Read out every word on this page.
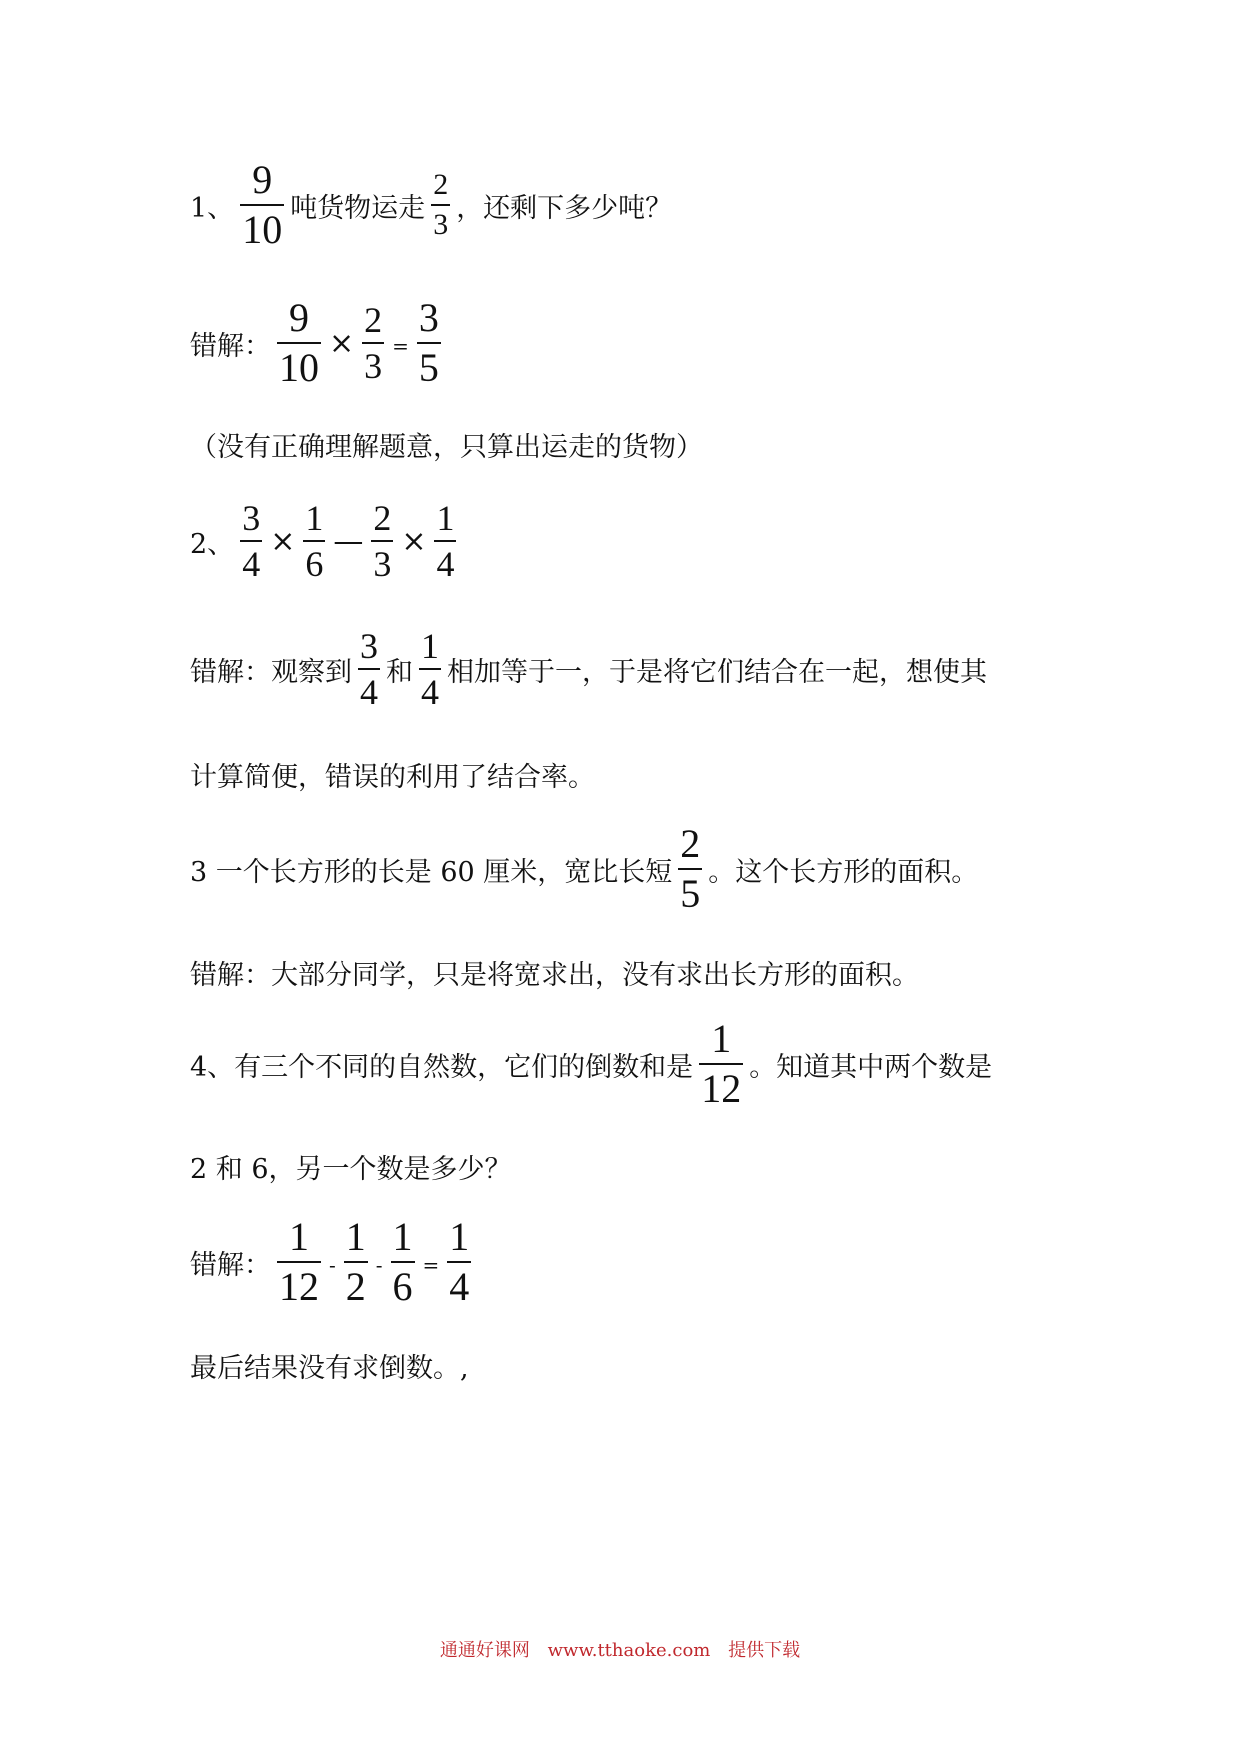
1、 $\frac{9}{10}$ 吨货物运走 $\frac{2}{3}$ ，还剩下多少吨？
错解： $\frac{9}{10} \times \frac{2}{3} = \frac{3}{5}$
（没有正确理解题意，只算出运走的货物）
2、 $\frac{3}{4} \times \frac{1}{6}$ — $\frac{2}{3} \times \frac{1}{4}$
错解：观察到 $\frac{3}{4}$ 和 $\frac{1}{4}$ 相加等于一，于是将它们结合在一起，想使其
计算简便，错误的利用了结合率。
3 一个长方形的长是 60 厘米，宽比长短 $\frac{2}{5}$ 。这个长方形的面积。
错解：大部分同学，只是将宽求出，没有求出长方形的面积。
4、有三个不同的自然数，它们的倒数和是 $\frac{1}{12}$ 。知道其中两个数是
2 和 6，另一个数是多少？
错解： $\frac{1}{12} - \frac{1}{2} - \frac{1}{6} = \frac{1}{4}$
最后结果没有求倒数。,
通通好课网 www.tthaoke.com 提供下载
